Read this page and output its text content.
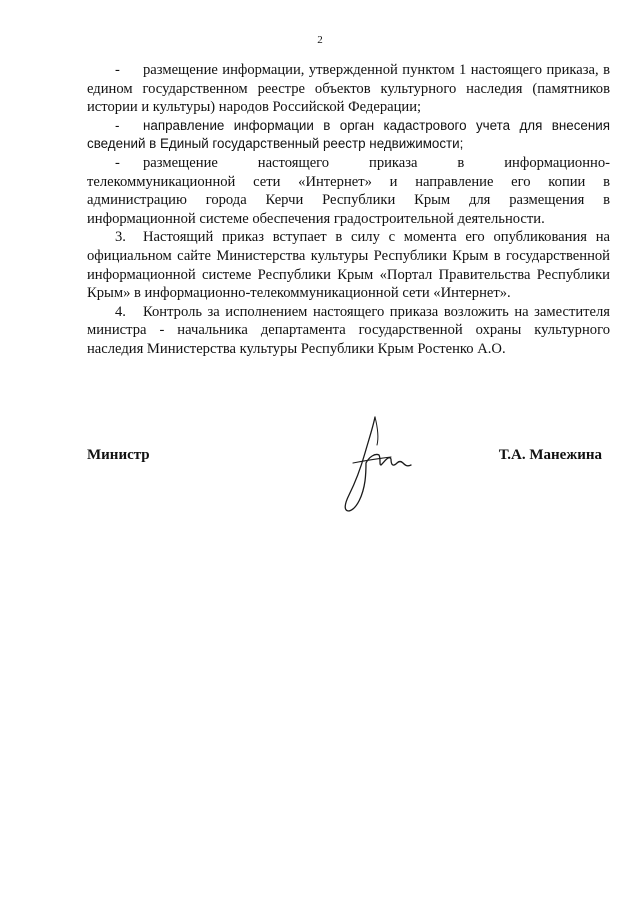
2

- размещение информации, утвержденной пунктом 1 настоящего приказа, в едином государственном реестре объектов культурного наследия (памятников истории и культуры) народов Российской Федерации;

- направление информации в орган кадастрового учета для внесения сведений в Единый государственный реестр недвижимости;

- размещение настоящего приказа в информационно-телекоммуникационной сети «Интернет» и направление его копии в администрацию города Керчи Республики Крым для размещения в информационной системе обеспечения градостроительной деятельности.

3. Настоящий приказ вступает в силу с момента его опубликования на официальном сайте Министерства культуры Республики Крым в государственной информационной системе Республики Крым «Портал Правительства Республики Крым» в информационно-телекоммуникационной сети «Интернет».

4. Контроль за исполнением настоящего приказа возложить на заместителя министра - начальника департамента государственной охраны культурного наследия Министерства культуры Республики Крым Ростенко А.О.

Министр	Т.А. Манежина
